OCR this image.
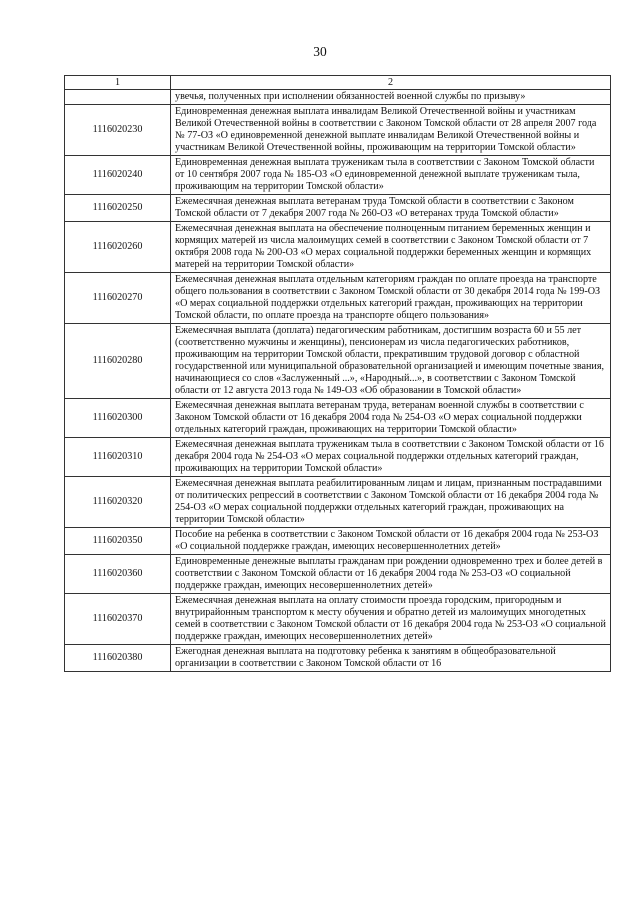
30
1	2
	увечья, полученных при исполнении обязанностей военной службы по призыву»
1116020230	Единовременная денежная выплата инвалидам Великой Отечественной войны и участникам Великой Отечественной войны в соответствии с Законом Томской области от 28 апреля 2007 года № 77-ОЗ «О единовременной денежной выплате инвалидам Великой Отечественной войны и участникам Великой Отечественной войны, проживающим на территории Томской области»
1116020240	Единовременная денежная выплата труженикам тыла в соответствии с Законом Томской области от 10 сентября 2007 года № 185-ОЗ «О единовременной денежной выплате труженикам тыла, проживающим на территории Томской области»
1116020250	Ежемесячная денежная выплата ветеранам труда Томской области в соответствии с Законом Томской области от 7 декабря 2007 года № 260-ОЗ «О ветеранах труда Томской области»
1116020260	Ежемесячная денежная выплата на обеспечение полноценным питанием беременных женщин и кормящих матерей из числа малоимущих семей в соответствии с Законом Томской области от 7 октября 2008 года № 200-ОЗ «О мерах социальной поддержки беременных женщин и кормящих матерей на территории Томской области»
1116020270	Ежемесячная денежная выплата отдельным категориям граждан по оплате проезда на транспорте общего пользования в соответствии с Законом Томской области от 30 декабря 2014 года № 199-ОЗ «О мерах социальной поддержки отдельных категорий граждан, проживающих на территории Томской области, по оплате проезда на транспорте общего пользования»
1116020280	Ежемесячная выплата (доплата) педагогическим работникам, достигшим возраста 60 и 55 лет (соответственно мужчины и женщины), пенсионерам из числа педагогических работников, проживающим на территории Томской области, прекратившим трудовой договор с областной государственной или муниципальной образовательной организацией и имеющим почетные звания, начинающиеся со слов «Заслуженный ...», «Народный...», в соответствии с Законом Томской области от 12 августа 2013 года № 149-ОЗ «Об образовании в Томской области»
1116020300	Ежемесячная денежная выплата ветеранам труда, ветеранам военной службы в соответствии с Законом Томской области от 16 декабря 2004 года № 254-ОЗ «О мерах социальной поддержки отдельных категорий граждан, проживающих на территории Томской области»
1116020310	Ежемесячная денежная выплата труженикам тыла в соответствии с Законом Томской области от 16 декабря 2004 года № 254-ОЗ «О мерах социальной поддержки отдельных категорий граждан, проживающих на территории Томской области»
1116020320	Ежемесячная денежная выплата реабилитированным лицам и лицам, признанным пострадавшими от политических репрессий в соответствии с Законом Томской области от 16 декабря 2004 года № 254-ОЗ «О мерах социальной поддержки отдельных категорий граждан, проживающих на территории Томской области»
1116020350	Пособие на ребенка в соответствии с Законом Томской области от 16 декабря 2004 года № 253-ОЗ «О социальной поддержке граждан, имеющих несовершеннолетних детей»
1116020360	Единовременные денежные выплаты гражданам при рождении одновременно трех и более детей в соответствии с Законом Томской области от 16 декабря 2004 года № 253-ОЗ «О социальной поддержке граждан, имеющих несовершеннолетних детей»
1116020370	Ежемесячная денежная выплата на оплату стоимости проезда городским, пригородным и внутрирайонным транспортом к месту обучения и обратно детей из малоимущих многодетных семей в соответствии с Законом Томской области от 16 декабря 2004 года № 253-ОЗ «О социальной поддержке граждан, имеющих несовершеннолетних детей»
1116020380	Ежегодная денежная выплата на подготовку ребенка к занятиям в общеобразовательной организации в соответствии с Законом Томской области от 16
